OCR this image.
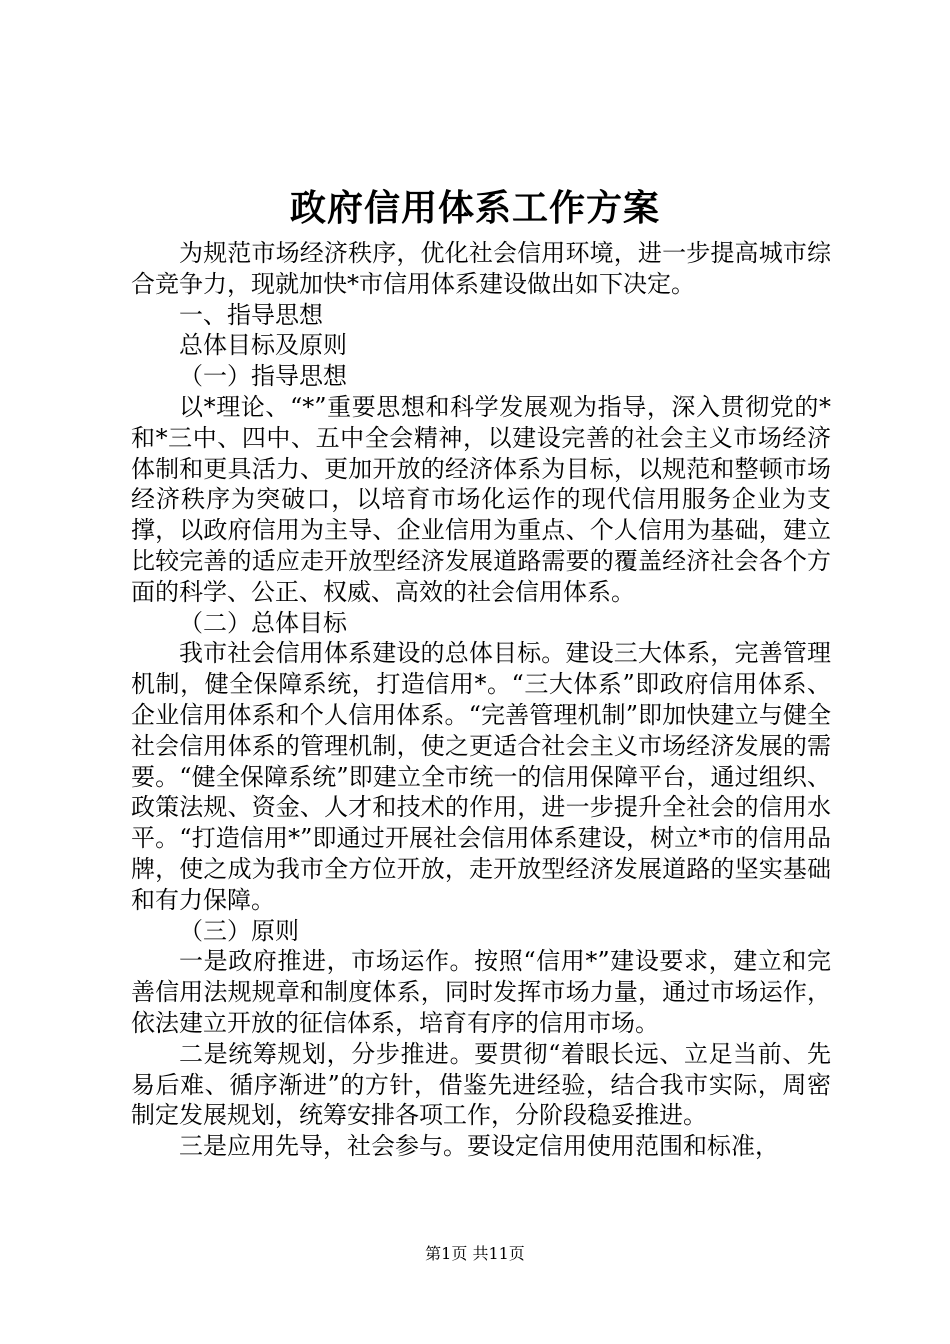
政府信用体系工作方案

为规范市场经济秩序，优化社会信用环境，进一步提高城市综合竞争力，现就加快*市信用体系建设做出如下决定。

一、指导思想

总体目标及原则

（一）指导思想

以*理论、“*”重要思想和科学发展观为指导，深入贯彻党的*和*三中、四中、五中全会精神，以建设完善的社会主义市场经济体制和更具活力、更加开放的经济体系为目标，以规范和整顿市场经济秩序为突破口，以培育市场化运作的现代信用服务企业为支撑，以政府信用为主导、企业信用为重点、个人信用为基础，建立比较完善的适应走开放型经济发展道路需要的覆盖经济社会各个方面的科学、公正、权威、高效的社会信用体系。

（二）总体目标

我市社会信用体系建设的总体目标。建设三大体系，完善管理机制，健全保障系统，打造信用*。“三大体系”即政府信用体系、企业信用体系和个人信用体系。“完善管理机制”即加快建立与健全社会信用体系的管理机制，使之更适合社会主义市场经济发展的需要。“健全保障系统”即建立全市统一的信用保障平台，通过组织、政策法规、资金、人才和技术的作用，进一步提升全社会的信用水平。“打造信用*”即通过开展社会信用体系建设，树立*市的信用品牌，使之成为我市全方位开放，走开放型经济发展道路的坚实基础和有力保障。

（三）原则

一是政府推进，市场运作。按照“信用*”建设要求，建立和完善信用法规规章和制度体系，同时发挥市场力量，通过市场运作，依法建立开放的征信体系，培育有序的信用市场。

二是统筹规划，分步推进。要贯彻“着眼长远、立足当前、先易后难、循序渐进”的方针，借鉴先进经验，结合我市实际，周密制定发展规划，统筹安排各项工作，分阶段稳妥推进。

三是应用先导，社会参与。要设定信用使用范围和标准，

第1页 共11页
